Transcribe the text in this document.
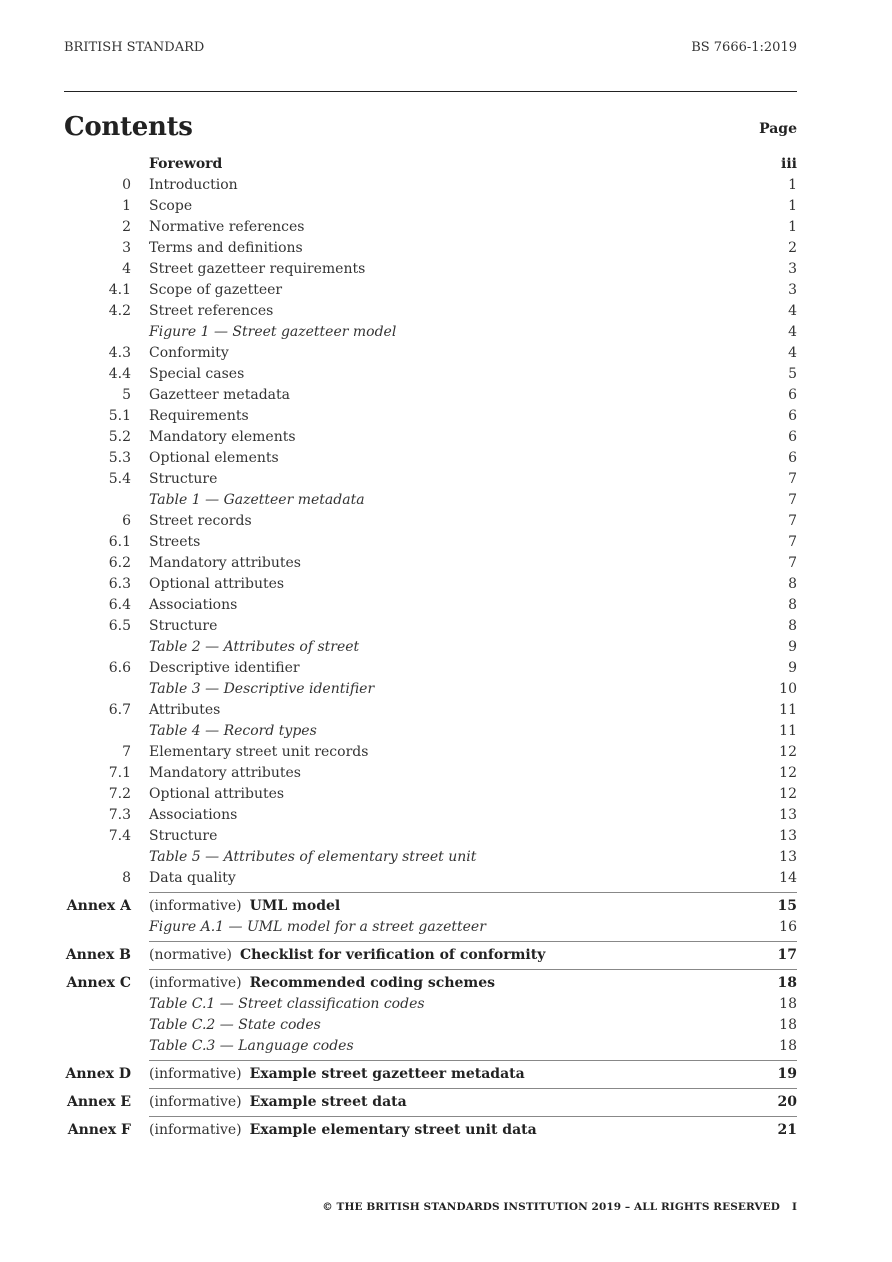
BRITISH STANDARD	BS 7666-1:2019
Contents	Page
Foreword	iii
0 Introduction	1
1 Scope	1
2 Normative references	1
3 Terms and definitions	2
4 Street gazetteer requirements	3
4.1 Scope of gazetteer	3
4.2 Street references	4
Figure 1 — Street gazetteer model	4
4.3 Conformity	4
4.4 Special cases	5
5 Gazetteer metadata	6
5.1 Requirements	6
5.2 Mandatory elements	6
5.3 Optional elements	6
5.4 Structure	7
Table 1 — Gazetteer metadata	7
6 Street records	7
6.1 Streets	7
6.2 Mandatory attributes	7
6.3 Optional attributes	8
6.4 Associations	8
6.5 Structure	8
Table 2 — Attributes of street	9
6.6 Descriptive identifier	9
Table 3 — Descriptive identifier	10
6.7 Attributes	11
Table 4 — Record types	11
7 Elementary street unit records	12
7.1 Mandatory attributes	12
7.2 Optional attributes	12
7.3 Associations	13
7.4 Structure	13
Table 5 — Attributes of elementary street unit	13
8 Data quality	14
Annex A (informative) UML model	15
Figure A.1 — UML model for a street gazetteer	16
Annex B (normative) Checklist for verification of conformity	17
Annex C (informative) Recommended coding schemes	18
Table C.1 — Street classification codes	18
Table C.2 — State codes	18
Table C.3 — Language codes	18
Annex D (informative) Example street gazetteer metadata	19
Annex E (informative) Example street data	20
Annex F (informative) Example elementary street unit data	21
© THE BRITISH STANDARDS INSTITUTION 2019 – ALL RIGHTS RESERVED I
